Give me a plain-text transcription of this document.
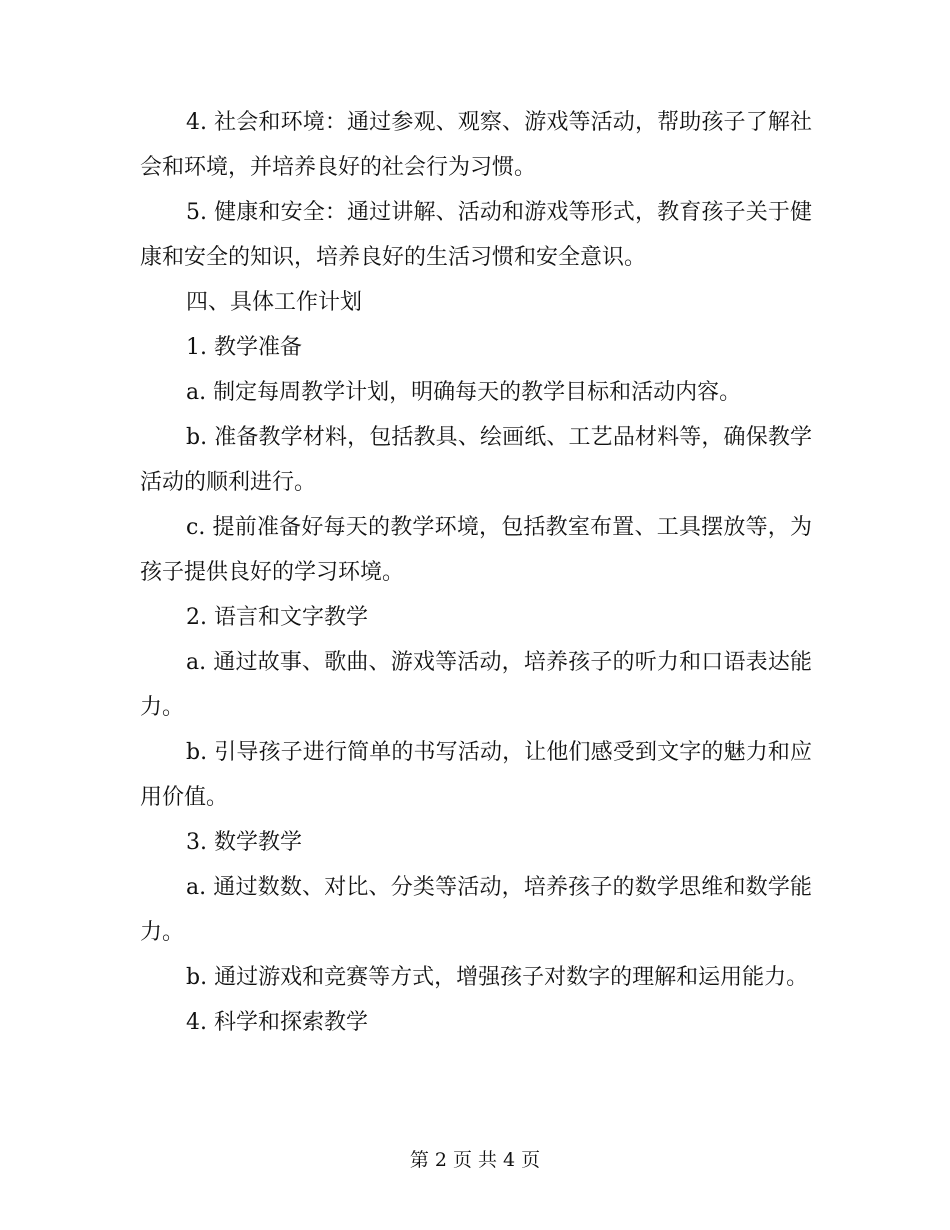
4. 社会和环境：通过参观、观察、游戏等活动，帮助孩子了解社会和环境，并培养良好的社会行为习惯。

5. 健康和安全：通过讲解、活动和游戏等形式，教育孩子关于健康和安全的知识，培养良好的生活习惯和安全意识。

四、具体工作计划

1. 教学准备

a. 制定每周教学计划，明确每天的教学目标和活动内容。

b. 准备教学材料，包括教具、绘画纸、工艺品材料等，确保教学活动的顺利进行。

c. 提前准备好每天的教学环境，包括教室布置、工具摆放等，为孩子提供良好的学习环境。

2. 语言和文字教学

a. 通过故事、歌曲、游戏等活动，培养孩子的听力和口语表达能力。

b. 引导孩子进行简单的书写活动，让他们感受到文字的魅力和应用价值。

3. 数学教学

a. 通过数数、对比、分类等活动，培养孩子的数学思维和数学能力。

b. 通过游戏和竞赛等方式，增强孩子对数字的理解和运用能力。

4. 科学和探索教学

第 2 页 共 4 页
